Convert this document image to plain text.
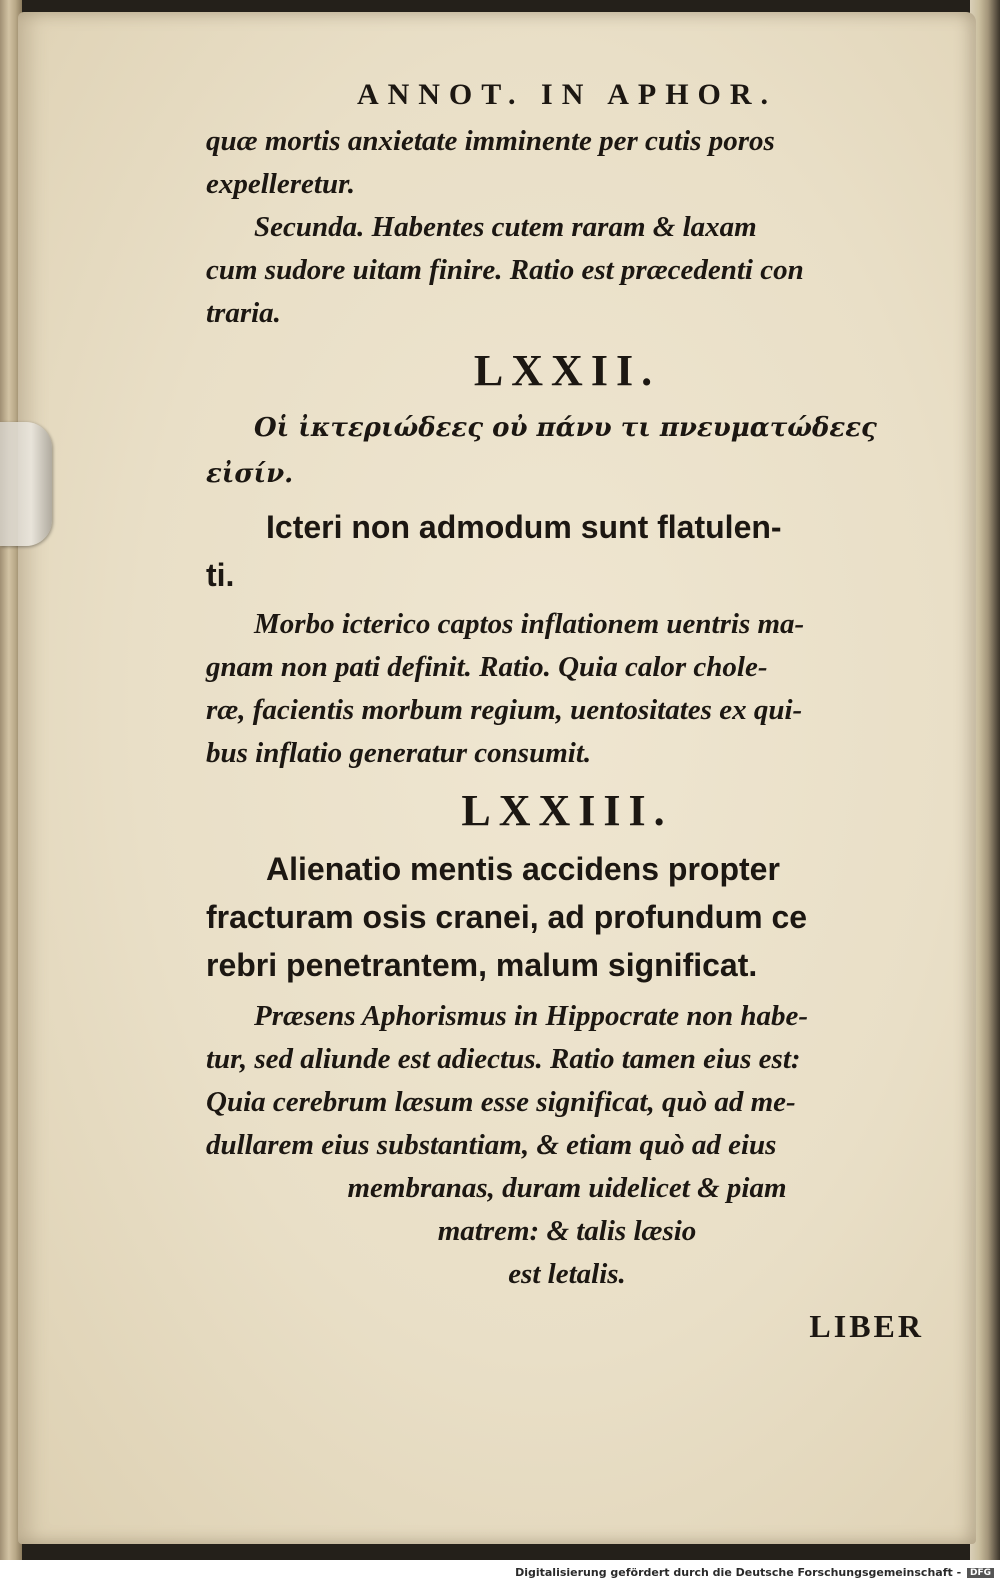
ANNOT. IN APHOR.

quæ mortis anxietate imminente per cutis poros

expelleretur.

Secunda. Habentes cutem raram & laxam

cum sudore uitam finire. Ratio est præcedenti con

traria.

LXXII.

Οἱ ἰκτεριώδεες οὐ πάνυ τι πνευματώδεες

εἰσίν.

Icteri non admodum sunt flatulen-

ti.

Morbo icterico captos inflationem uentris ma-

gnam non pati definit. Ratio. Quia calor chole-

ræ, facientis morbum regium, uentositates ex qui-

bus inflatio generatur consumit.

LXXIII.

Alienatio mentis accidens propter

fracturam osis cranei, ad profundum ce

rebri penetrantem, malum significat.

Præsens Aphorismus in Hippocrate non habe-

tur, sed aliunde est adiectus. Ratio tamen eius est:

Quia cerebrum læsum esse significat, quò ad me-

dullarem eius substantiam, & etiam quò ad eius

membranas, duram uidelicet & piam

matrem: & talis læsio

est letalis.

LIBER
Digitalisierung gefördert durch die Deutsche Forschungsgemeinschaft - DFG
